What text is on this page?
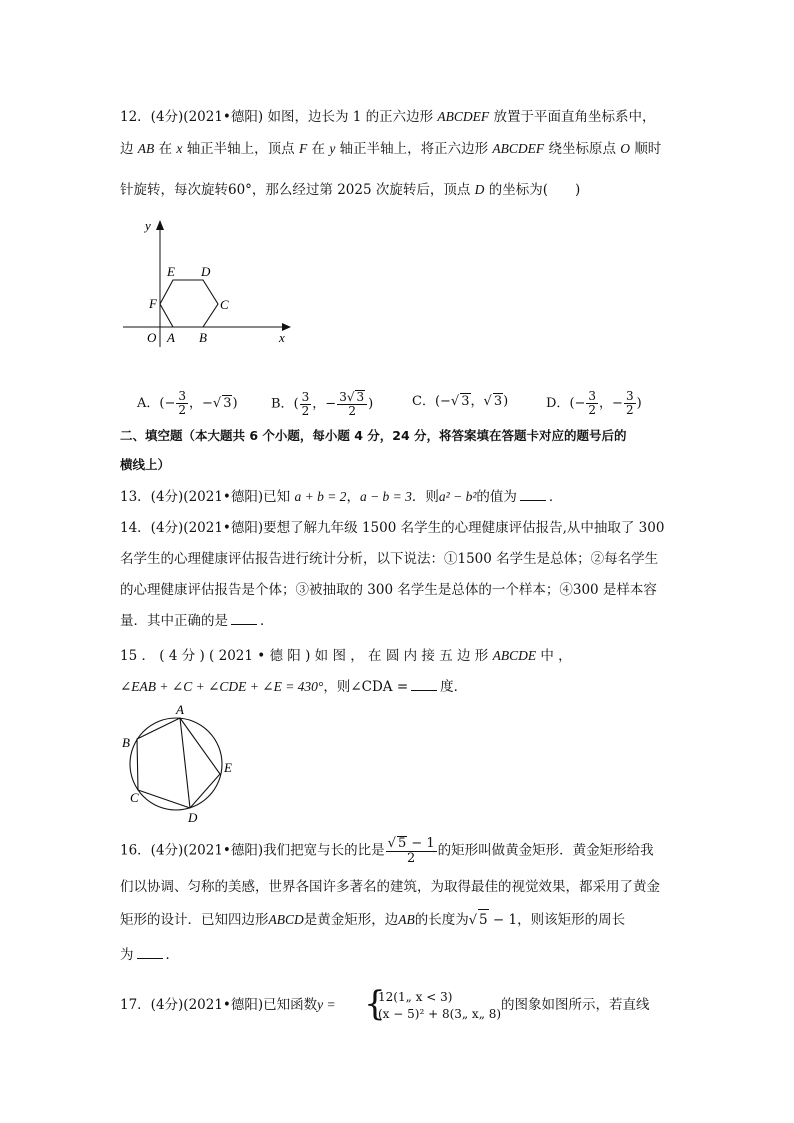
12．(4分)(2021•德阳) 如图，边长为 1 的正六边形 ABCDEF 放置于平面直角坐标系中，
边 AB 在 x 轴正半轴上，顶点 F 在 y 轴正半轴上，将正六边形 ABCDEF 绕坐标原点 O 顺时
针旋转，每次旋转60°，那么经过第 2025 次旋转后，顶点 D 的坐标为(　　)
y
x
E D
F	C
O A B
A．(− $\frac{3}{2}$ ，−√ 3)	B．( $\frac{3}{2}$ ，− $\frac{3√ 3}{2}$ )	C．(−√ 3，√ 3)	D．(− $\frac{3}{2}$ ，− $\frac{3}{2}$ )
二、填空题（本大题共 6 个小题，每小题 4 分，24 分，将答案填在答题卡对应的题号后的
横线上）
13．(4分)(2021•德阳)已知 a + b = 2，a − b = 3．则a² − b²的值为 ．
14．(4分)(2021•德阳)要想了解九年级 1500 名学生的心理健康评估报告,从中抽取了 300
名学生的心理健康评估报告进行统计分析，以下说法：①1500 名学生是总体；②每名学生
的心理健康评估报告是个体；③被抽取的 300 名学生是总体的一个样本；④300 是样本容
量．其中正确的是 ．
15 ． ( 4 分 ) ( 2021 • 德 阳 ) 如 图 ， 在 圆 内 接 五 边 形 ABCDE 中 ，
∠EAB + ∠C + ∠CDE + ∠E = 430°，则∠CDA = 度．
A
B
C
D
E
16．(4分)(2021•德阳)我们把宽与长的比是 $\frac{√ 5 - 1}{2}$ 的矩形叫做黄金矩形．黄金矩形给我
们以协调、匀称的美感，世界各国许多著名的建筑，为取得最佳的视觉效果，都采用了黄金
矩形的设计．已知四边形ABCD是黄金矩形，边AB的长度为√ 5 − 1，则该矩形的周长
为 ．
17．(4分)(2021•德阳)已知函数y = {
12(1„ x < 3)
(x − 5)² + 8(3„ x„ 8)
的图象如图所示，若直线
